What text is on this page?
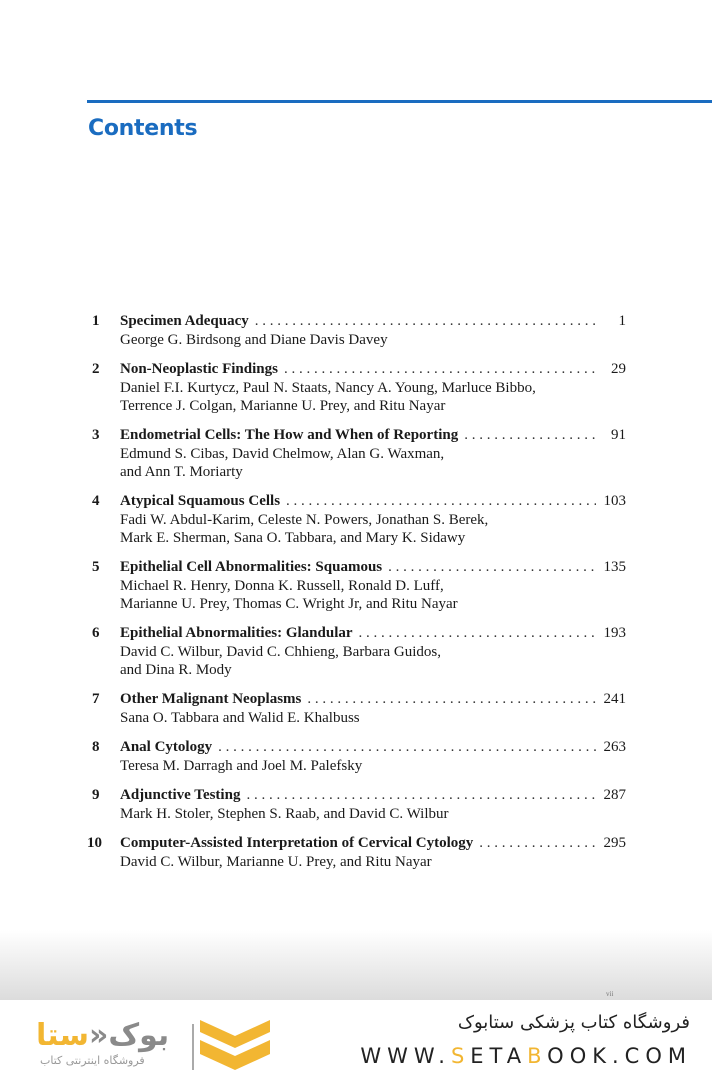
Contents
1	Specimen Adequacy . . .	1
George G. Birdsong and Diane Davis Davey
2	Non-Neoplastic Findings . . .	29
Daniel F.I. Kurtycz, Paul N. Staats, Nancy A. Young, Marluce Bibbo,
Terrence J. Colgan, Marianne U. Prey, and Ritu Nayar
3	Endometrial Cells: The How and When of Reporting . . .	91
Edmund S. Cibas, David Chelmow, Alan G. Waxman,
and Ann T. Moriarty
4	Atypical Squamous Cells . . .	103
Fadi W. Abdul-Karim, Celeste N. Powers, Jonathan S. Berek,
Mark E. Sherman, Sana O. Tabbara, and Mary K. Sidawy
5	Epithelial Cell Abnormalities: Squamous . . .	135
Michael R. Henry, Donna K. Russell, Ronald D. Luff,
Marianne U. Prey, Thomas C. Wright Jr, and Ritu Nayar
6	Epithelial Abnormalities: Glandular . . .	193
David C. Wilbur, David C. Chhieng, Barbara Guidos,
and Dina R. Mody
7	Other Malignant Neoplasms . . .	241
Sana O. Tabbara and Walid E. Khalbuss
8	Anal Cytology . . .	263
Teresa M. Darragh and Joel M. Palefsky
9	Adjunctive Testing . . .	287
Mark H. Stoler, Stephen S. Raab, and David C. Wilbur
10	Computer-Assisted Interpretation of Cervical Cytology . . .	295
David C. Wilbur, Marianne U. Prey, and Ritu Nayar
vii
بوک«ستا
فروشگاه اینترنتی کتاب
فروشگاه کتاب پزشکی ستابوک
WWW.SETABOOK.COM
